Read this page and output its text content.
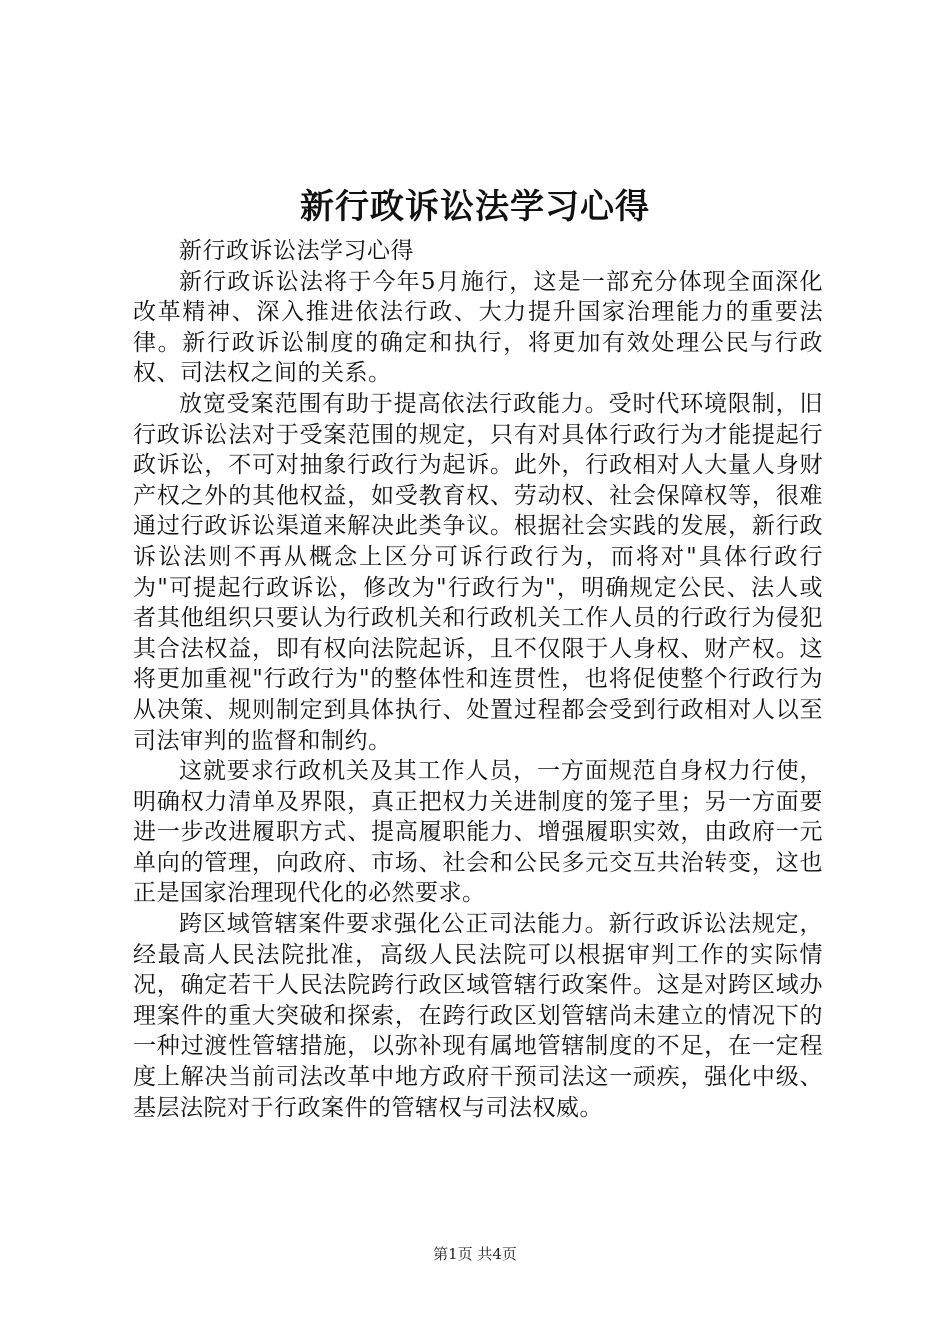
新行政诉讼法学习心得

新行政诉讼法学习心得

新行政诉讼法将于今年5月施行，这是一部充分体现全面深化改革精神、深入推进依法行政、大力提升国家治理能力的重要法律。新行政诉讼制度的确定和执行，将更加有效处理公民与行政权、司法权之间的关系。

放宽受案范围有助于提高依法行政能力。受时代环境限制，旧行政诉讼法对于受案范围的规定，只有对具体行政行为才能提起行政诉讼，不可对抽象行政行为起诉。此外，行政相对人大量人身财产权之外的其他权益，如受教育权、劳动权、社会保障权等，很难通过行政诉讼渠道来解决此类争议。根据社会实践的发展，新行政诉讼法则不再从概念上区分可诉行政行为，而将对"具体行政行为"可提起行政诉讼，修改为"行政行为"，明确规定公民、法人或者其他组织只要认为行政机关和行政机关工作人员的行政行为侵犯其合法权益，即有权向法院起诉，且不仅限于人身权、财产权。这将更加重视"行政行为"的整体性和连贯性，也将促使整个行政行为从决策、规则制定到具体执行、处置过程都会受到行政相对人以至司法审判的监督和制约。

这就要求行政机关及其工作人员，一方面规范自身权力行使，明确权力清单及界限，真正把权力关进制度的笼子里；另一方面要进一步改进履职方式、提高履职能力、增强履职实效，由政府一元单向的管理，向政府、市场、社会和公民多元交互共治转变，这也正是国家治理现代化的必然要求。

跨区域管辖案件要求强化公正司法能力。新行政诉讼法规定，经最高人民法院批准，高级人民法院可以根据审判工作的实际情况，确定若干人民法院跨行政区域管辖行政案件。这是对跨区域办理案件的重大突破和探索，在跨行政区划管辖尚未建立的情况下的一种过渡性管辖措施，以弥补现有属地管辖制度的不足，在一定程度上解决当前司法改革中地方政府干预司法这一顽疾，强化中级、基层法院对于行政案件的管辖权与司法权威。

第1页 共4页
